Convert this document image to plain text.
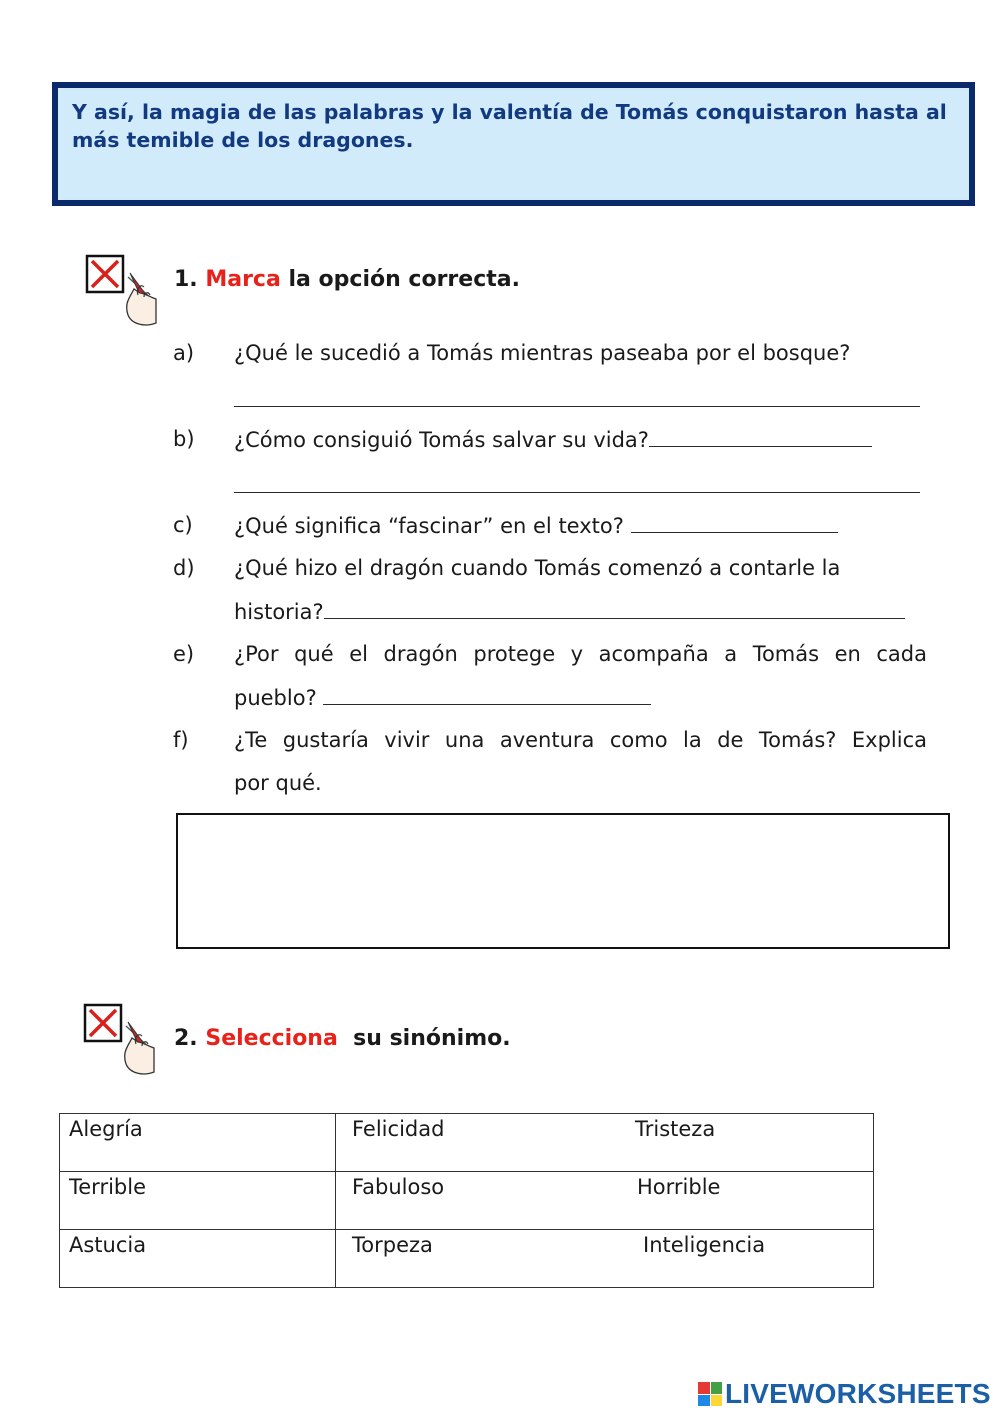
Y así, la magia de las palabras y la valentía de Tomás conquistaron hasta al más temible de los dragones.

1. Marca la opción correcta.

a) ¿Qué le sucedió a Tomás mientras paseaba por el bosque?
b) ¿Cómo consiguió Tomás salvar su vida?
c) ¿Qué significa “fascinar” en el texto?
d) ¿Qué hizo el dragón cuando Tomás comenzó a contarle la
historia?
e) ¿Por qué el dragón protege y acompaña a Tomás en cada
pueblo?
f) ¿Te gustaría vivir una aventura como la de Tomás? Explica
por qué.

2. Selecciona su sinónimo.

Alegría	Felicidad	Tristeza
Terrible	Fabuloso	Horrible
Astucia	Torpeza	Inteligencia
LIVEWORKSHEETS
